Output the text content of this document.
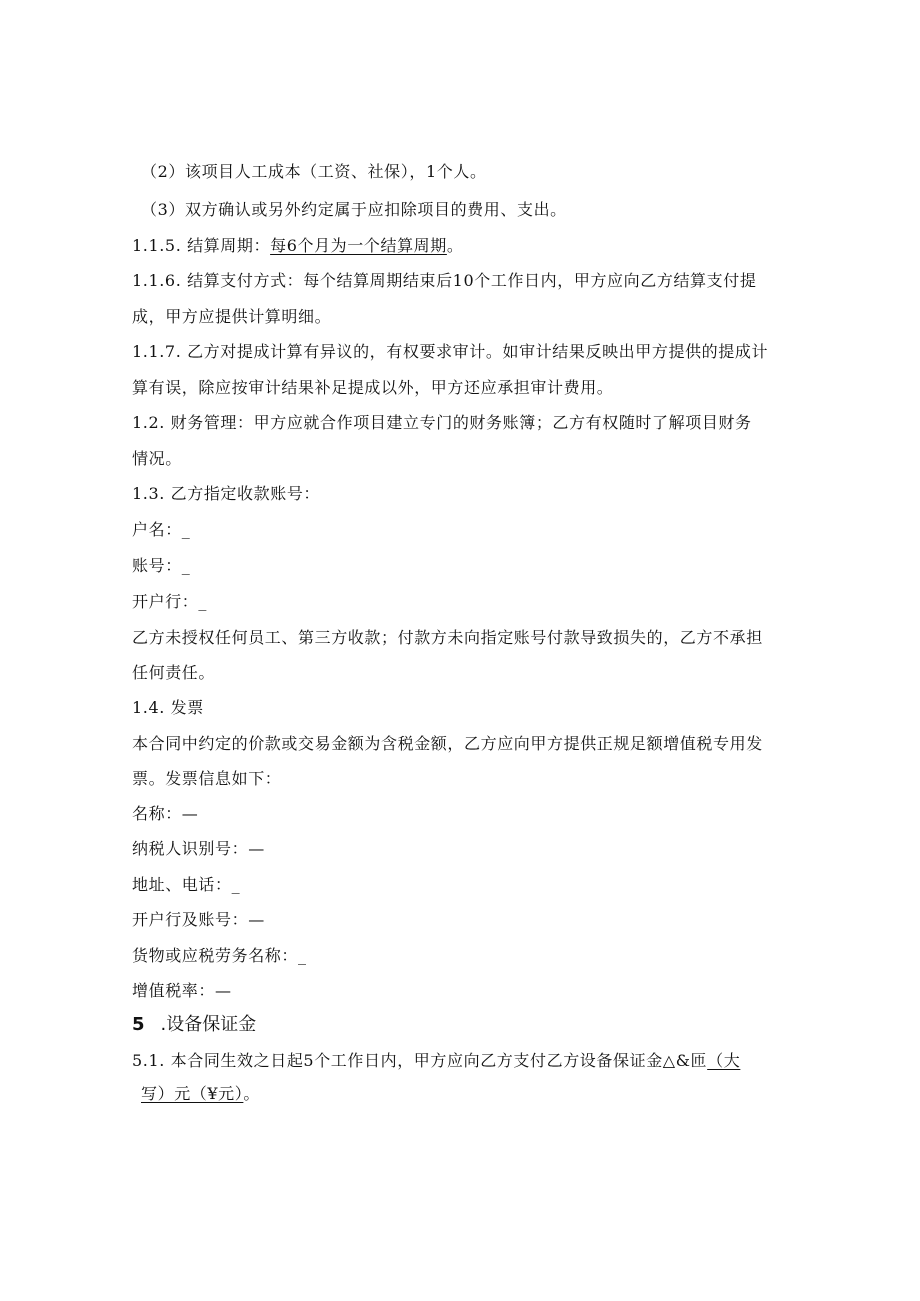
（2）该项目人工成本（工资、社保），1个人。
（3）双方确认或另外约定属于应扣除项目的费用、支出。
1.1.5. 结算周期：每6个月为一个结算周期。
1.1.6. 结算支付方式：每个结算周期结束后10个工作日内，甲方应向乙方结算支付提
成，甲方应提供计算明细。
1.1.7. 乙方对提成计算有异议的，有权要求审计。如审计结果反映出甲方提供的提成计
算有误，除应按审计结果补足提成以外，甲方还应承担审计费用。
1.2. 财务管理：甲方应就合作项目建立专门的财务账簿；乙方有权随时了解项目财务
情况。
1.3. 乙方指定收款账号：
户名：_
账号：_
开户行：_
乙方未授权任何员工、第三方收款；付款方未向指定账号付款导致损失的，乙方不承担
任何责任。
1.4. 发票
本合同中约定的价款或交易金额为含税金额，乙方应向甲方提供正规足额增值税专用发
票。发票信息如下：
名称：—
纳税人识别号：—
地址、电话：_
开户行及账号：—
货物或应税劳务名称：_
增值税率：—
5 .设备保证金
5.1. 本合同生效之日起5个工作日内，甲方应向乙方支付乙方设备保证金△&匝（大
写）元（¥元）。
